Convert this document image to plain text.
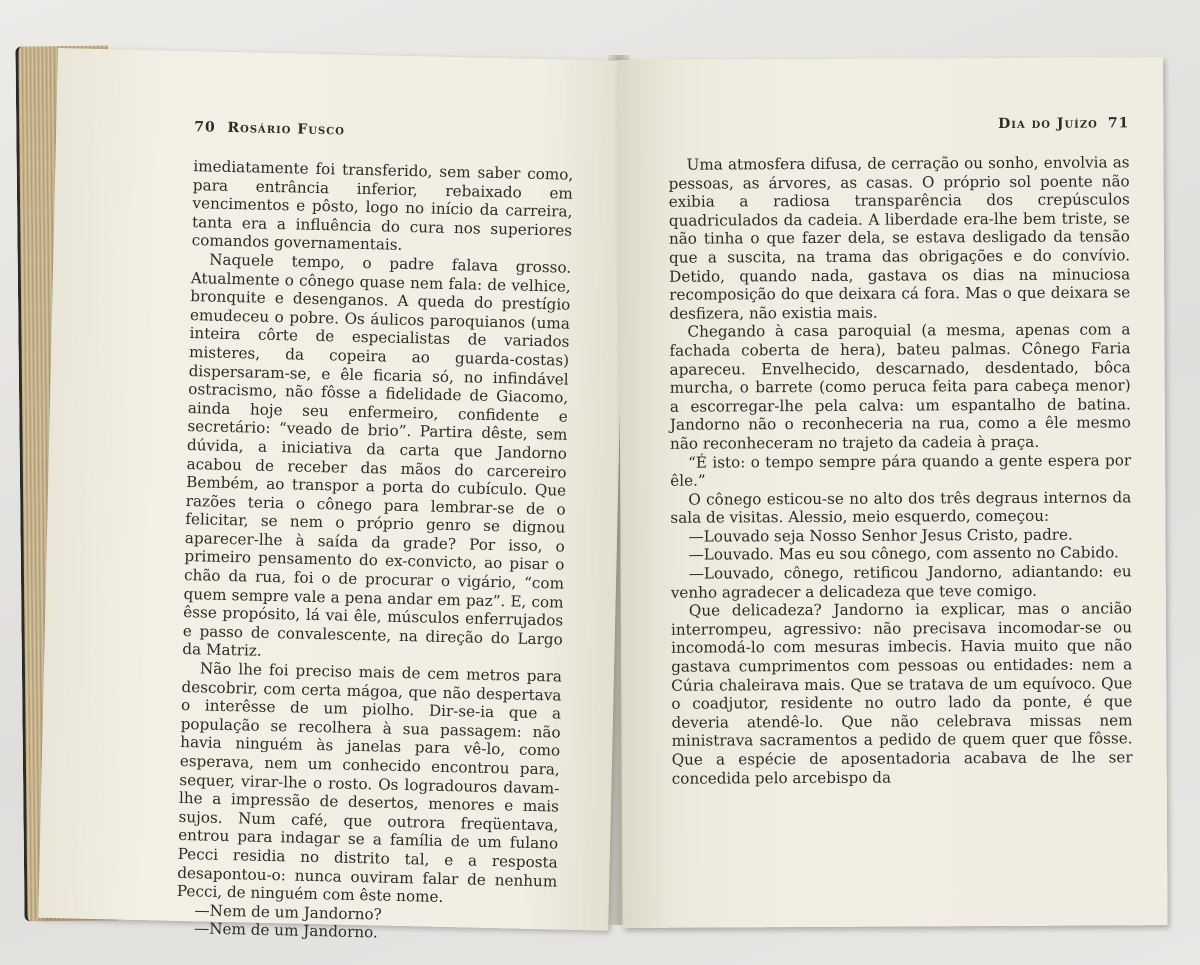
70 Rosário Fusco

imediatamente foi transferido, sem saber como, para entrância inferior, rebaixado em vencimentos e pôsto, logo no início da carreira, tanta era a influência do cura nos superiores comandos governamentais.

Naquele tempo, o padre falava grosso. Atualmente o cônego quase nem fala: de velhice, bronquite e desenganos. A queda do prestígio emudeceu o pobre. Os áulicos paroquianos (uma inteira côrte de especialistas de variados misteres, da copeira ao guarda-costas) dispersaram-se, e êle ficaria só, no infindável ostracismo, não fôsse a fidelidade de Giacomo, ainda hoje seu enfermeiro, confidente e secretário: “veado de brio”. Partira dêste, sem dúvida, a iniciativa da carta que Jandorno acabou de receber das mãos do carcereiro Bembém, ao transpor a porta do cubículo. Que razões teria o cônego para lembrar-se de o felicitar, se nem o próprio genro se dignou aparecer-lhe à saída da grade? Por isso, o primeiro pensamento do ex-convicto, ao pisar o chão da rua, foi o de procurar o vigário, “com quem sempre vale a pena andar em paz”. E, com êsse propósito, lá vai êle, músculos enferrujados e passo de convalescente, na direção do Largo da Matriz.

Não lhe foi preciso mais de cem metros para descobrir, com certa mágoa, que não despertava o interêsse de um piolho. Dir-se-ia que a população se recolhera à sua passagem: não havia ninguém às janelas para vê-lo, como esperava, nem um conhecido encontrou para, sequer, virar-lhe o rosto. Os logradouros davam-lhe a impressão de desertos, menores e mais sujos. Num café, que outrora freqüentava, entrou para indagar se a família de um fulano Pecci residia no distrito tal, e a resposta desapontou-o: nunca ouviram falar de nenhum Pecci, de ninguém com êste nome.

—Nem de um Jandorno?

—Nem de um Jandorno.

Dia do Juízo 71

Uma atmosfera difusa, de cerração ou sonho, envolvia as pessoas, as árvores, as casas. O próprio sol poente não exibia a radiosa transparência dos crepúsculos quadriculados da cadeia. A liberdade era-lhe bem triste, se não tinha o que fazer dela, se estava desligado da tensão que a suscita, na trama das obrigações e do convívio. Detido, quando nada, gastava os dias na minuciosa recomposição do que deixara cá fora. Mas o que deixara se desfizera, não existia mais.

Chegando à casa paroquial (a mesma, apenas com a fachada coberta de hera), bateu palmas. Cônego Faria apareceu. Envelhecido, descarnado, desdentado, bôca murcha, o barrete (como peruca feita para cabeça menor) a escorregar-lhe pela calva: um espantalho de batina. Jandorno não o reconheceria na rua, como a êle mesmo não reconheceram no trajeto da cadeia à praça.

“É isto: o tempo sempre pára quando a gente espera por êle.”

O cônego esticou-se no alto dos três degraus internos da sala de visitas. Alessio, meio esquerdo, começou:

—Louvado seja Nosso Senhor Jesus Cristo, padre.

—Louvado. Mas eu sou cônego, com assento no Cabido.

—Louvado, cônego, retificou Jandorno, adiantando: eu venho agradecer a delicadeza que teve comigo.

Que delicadeza? Jandorno ia explicar, mas o ancião interrompeu, agressivo: não precisava incomodar-se ou incomodá-lo com mesuras imbecis. Havia muito que não gastava cumprimentos com pessoas ou entidades: nem a Cúria chaleirava mais. Que se tratava de um equívoco. Que o coadjutor, residente no outro lado da ponte, é que deveria atendê-lo. Que não celebrava missas nem ministrava sacramentos a pedido de quem quer que fôsse. Que a espécie de aposentadoria acabava de lhe ser concedida pelo arcebispo da
